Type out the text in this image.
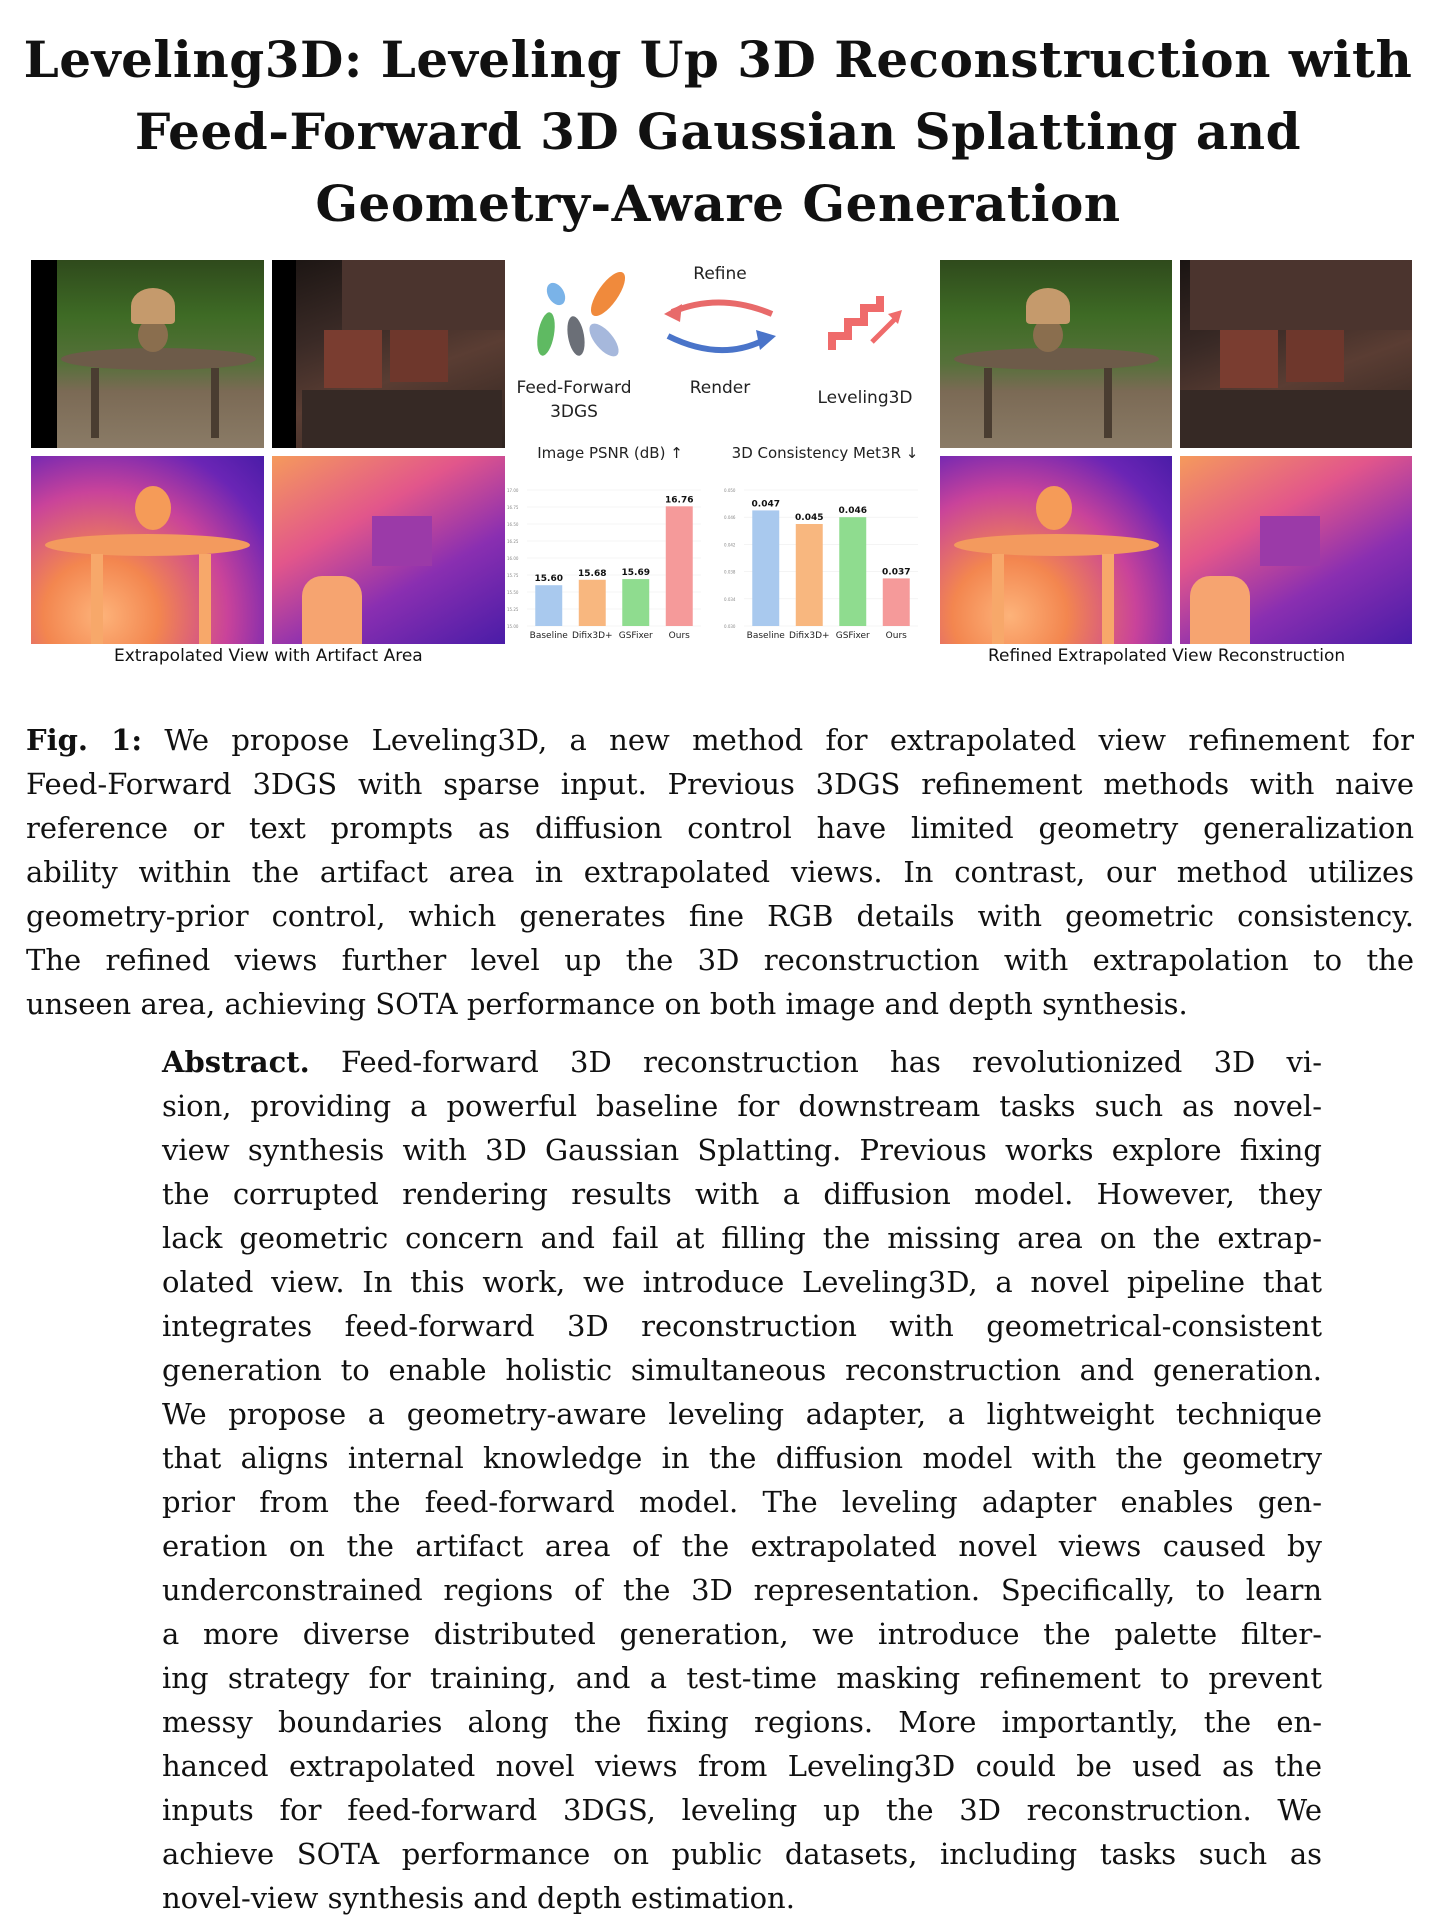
Leveling3D: Leveling Up 3D Reconstruction with
Feed-Forward 3D Gaussian Splatting and
Geometry-Aware Generation
Extrapolated View with Artifact Area
Feed-Forward
3DGS
Refine
Render	Leveling3D
Image PSNR (dB) ↑	3D Consistency Met3R ↓
17.00
16.75
16.50
16.25
16.00
15.75
15.50
15.25
15.00
15.60
Baseline
15.68
Difix3D+
15.69
GSFixer
16.76
Ours
0.050
0.046
0.042
0.038
0.034
0.030
0.047
Baseline
0.045
Difix3D+
0.046
GSFixer
0.037
Ours
Refined Extrapolated View Reconstruction
Fig. 1: We propose Leveling3D, a new method for extrapolated view refinement for
Feed-Forward 3DGS with sparse input. Previous 3DGS refinement methods with naive
reference or text prompts as diffusion control have limited geometry generalization
ability within the artifact area in extrapolated views. In contrast, our method utilizes
geometry-prior control, which generates fine RGB details with geometric consistency.
The refined views further level up the 3D reconstruction with extrapolation to the
unseen area, achieving SOTA performance on both image and depth synthesis.
Abstract. Feed-forward 3D reconstruction has revolutionized 3D vi-
sion, providing a powerful baseline for downstream tasks such as novel-
view synthesis with 3D Gaussian Splatting. Previous works explore fixing
the corrupted rendering results with a diffusion model. However, they
lack geometric concern and fail at filling the missing area on the extrap-
olated view. In this work, we introduce Leveling3D, a novel pipeline that
integrates feed-forward 3D reconstruction with geometrical-consistent
generation to enable holistic simultaneous reconstruction and generation.
We propose a geometry-aware leveling adapter, a lightweight technique
that aligns internal knowledge in the diffusion model with the geometry
prior from the feed-forward model. The leveling adapter enables gen-
eration on the artifact area of the extrapolated novel views caused by
underconstrained regions of the 3D representation. Specifically, to learn
a more diverse distributed generation, we introduce the palette filter-
ing strategy for training, and a test-time masking refinement to prevent
messy boundaries along the fixing regions. More importantly, the en-
hanced extrapolated novel views from Leveling3D could be used as the
inputs for feed-forward 3DGS, leveling up the 3D reconstruction. We
achieve SOTA performance on public datasets, including tasks such as
novel-view synthesis and depth estimation.
